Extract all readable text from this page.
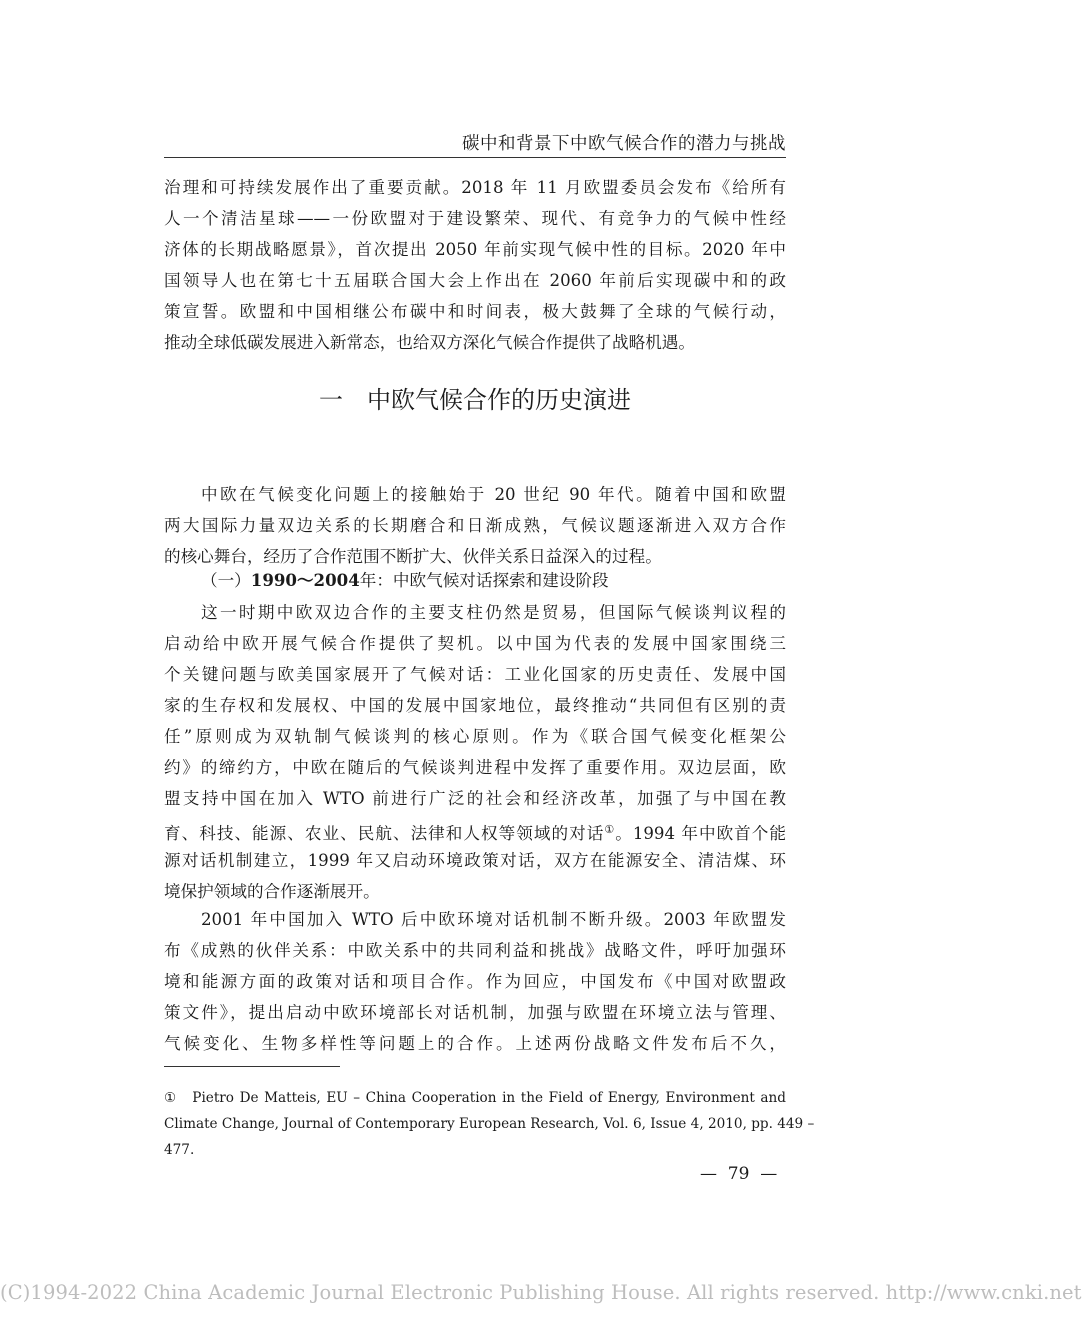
碳中和背景下中欧气候合作的潜力与挑战
治理和可持续发展作出了重要贡献。2018 年 11 月欧盟委员会发布《给所有
人一个清洁星球——一份欧盟对于建设繁荣、现代、有竞争力的气候中性经
济体的长期战略愿景》，首次提出 2050 年前实现气候中性的目标。2020 年中
国领导人也在第七十五届联合国大会上作出在 2060 年前后实现碳中和的政
策宣誓。欧盟和中国相继公布碳中和时间表，极大鼓舞了全球的气候行动，
推动全球低碳发展进入新常态，也给双方深化气候合作提供了战略机遇。
一　中欧气候合作的历史演进
中欧在气候变化问题上的接触始于 20 世纪 90 年代。随着中国和欧盟
两大国际力量双边关系的长期磨合和日渐成熟，气候议题逐渐进入双方合作
的核心舞台，经历了合作范围不断扩大、伙伴关系日益深入的过程。
（一）1990～2004年：中欧气候对话探索和建设阶段
这一时期中欧双边合作的主要支柱仍然是贸易，但国际气候谈判议程的
启动给中欧开展气候合作提供了契机。以中国为代表的发展中国家围绕三
个关键问题与欧美国家展开了气候对话：工业化国家的历史责任、发展中国
家的生存权和发展权、中国的发展中国家地位，最终推动“共同但有区别的责
任”原则成为双轨制气候谈判的核心原则。作为《联合国气候变化框架公
约》的缔约方，中欧在随后的气候谈判进程中发挥了重要作用。双边层面，欧
盟支持中国在加入 WTO 前进行广泛的社会和经济改革，加强了与中国在教
育、科技、能源、农业、民航、法律和人权等领域的对话①。1994 年中欧首个能
源对话机制建立，1999 年又启动环境政策对话，双方在能源安全、清洁煤、环
境保护领域的合作逐渐展开。
2001 年中国加入 WTO 后中欧环境对话机制不断升级。2003 年欧盟发
布《成熟的伙伴关系：中欧关系中的共同利益和挑战》战略文件，呼吁加强环
境和能源方面的政策对话和项目合作。作为回应，中国发布《中国对欧盟政
策文件》，提出启动中欧环境部长对话机制，加强与欧盟在环境立法与管理、
气候变化、生物多样性等问题上的合作。上述两份战略文件发布后不久，
①　Pietro De Matteis, EU – China Cooperation in the Field of Energy, Environment and
Climate Change, Journal of Contemporary European Research, Vol. 6, Issue 4, 2010, pp. 449 –
477.
—  79  —
(C)1994-2022 China Academic Journal Electronic Publishing House. All rights reserved. http://www.cnki.net
